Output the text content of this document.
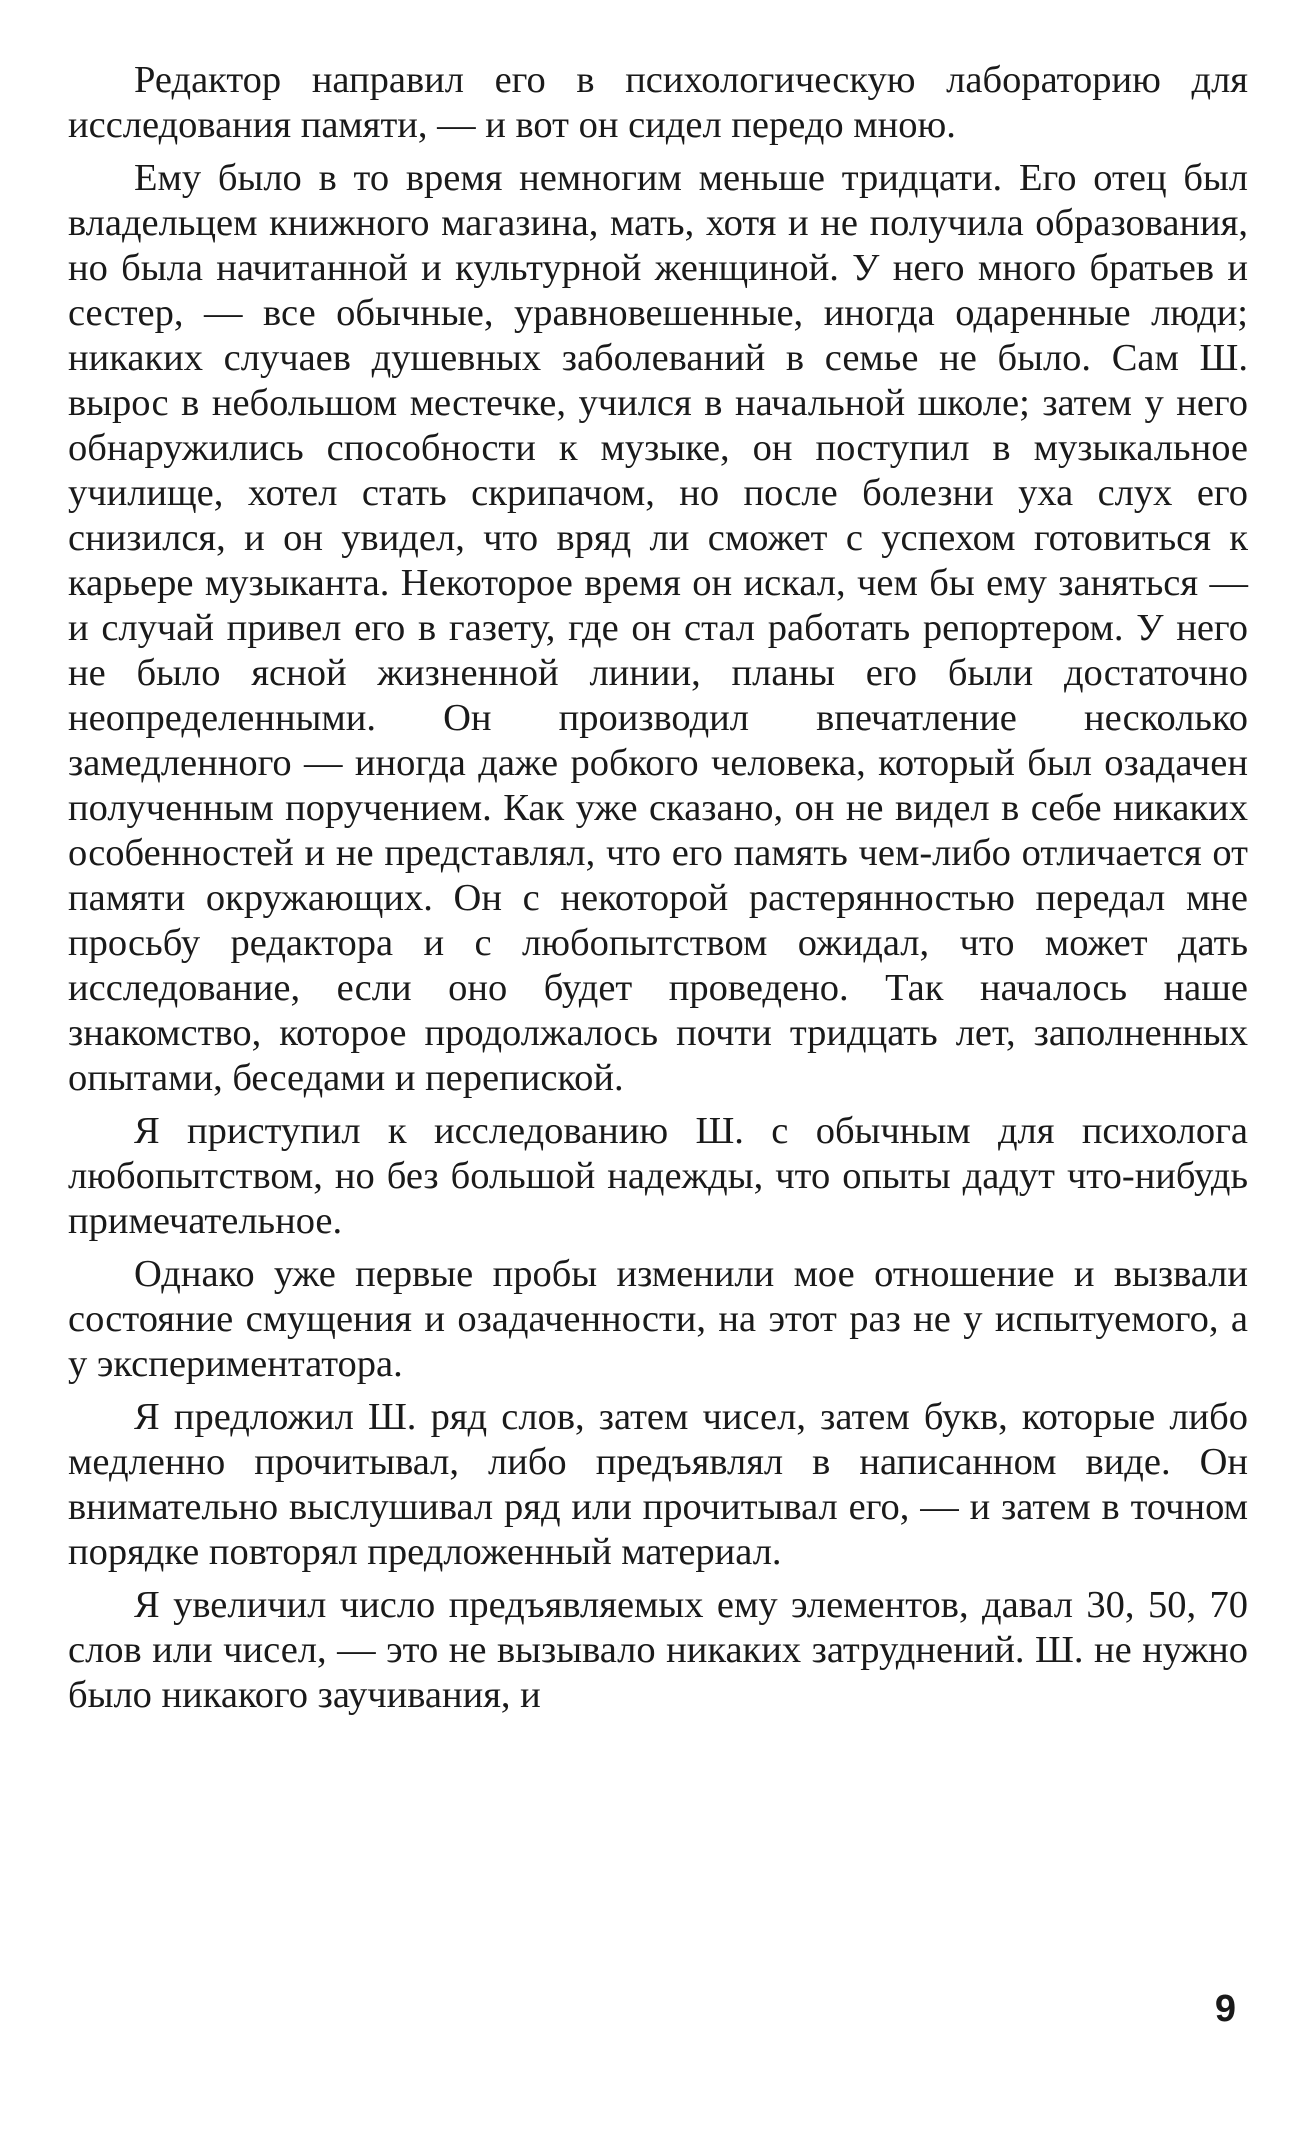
Редактор направил его в психологическую лабораторию для исследования памяти, — и вот он сидел передо мною.

Ему было в то время немногим меньше тридцати. Его отец был владельцем книжного магазина, мать, хотя и не получила образования, но была начитанной и культурной женщиной. У него много братьев и сестер, — все обычные, уравновешенные, иногда одаренные люди; никаких случаев душевных заболеваний в семье не было. Сам Ш. вырос в небольшом местечке, учился в начальной школе; затем у него обнаружились способности к музыке, он поступил в музыкальное училище, хотел стать скрипачом, но после болезни уха слух его снизился, и он увидел, что вряд ли сможет с успехом готовиться к карьере музыканта. Некоторое время он искал, чем бы ему заняться — и случай привел его в газету, где он стал работать репортером. У него не было ясной жизненной линии, планы его были достаточно неопределенными. Он производил впечатление несколько замедленного — иногда даже робкого человека, который был озадачен полученным поручением. Как уже сказано, он не видел в себе никаких особенностей и не представлял, что его память чем-либо отличается от памяти окружающих. Он с некоторой растерянностью передал мне просьбу редактора и с любопытством ожидал, что может дать исследование, если оно будет проведено. Так началось наше знакомство, которое продолжалось почти тридцать лет, заполненных опытами, беседами и перепиской.

Я приступил к исследованию Ш. с обычным для психолога любопытством, но без большой надежды, что опыты дадут что-нибудь примечательное.

Однако уже первые пробы изменили мое отношение и вызвали состояние смущения и озадаченности, на этот раз не у испытуемого, а у экспериментатора.

Я предложил Ш. ряд слов, затем чисел, затем букв, которые либо медленно прочитывал, либо предъявлял в написанном виде. Он внимательно выслушивал ряд или прочитывал его, — и затем в точном порядке повторял предложенный материал.

Я увеличил число предъявляемых ему элементов, давал 30, 50, 70 слов или чисел, — это не вызывало никаких затруднений. Ш. не нужно было никакого заучивания, и

9
